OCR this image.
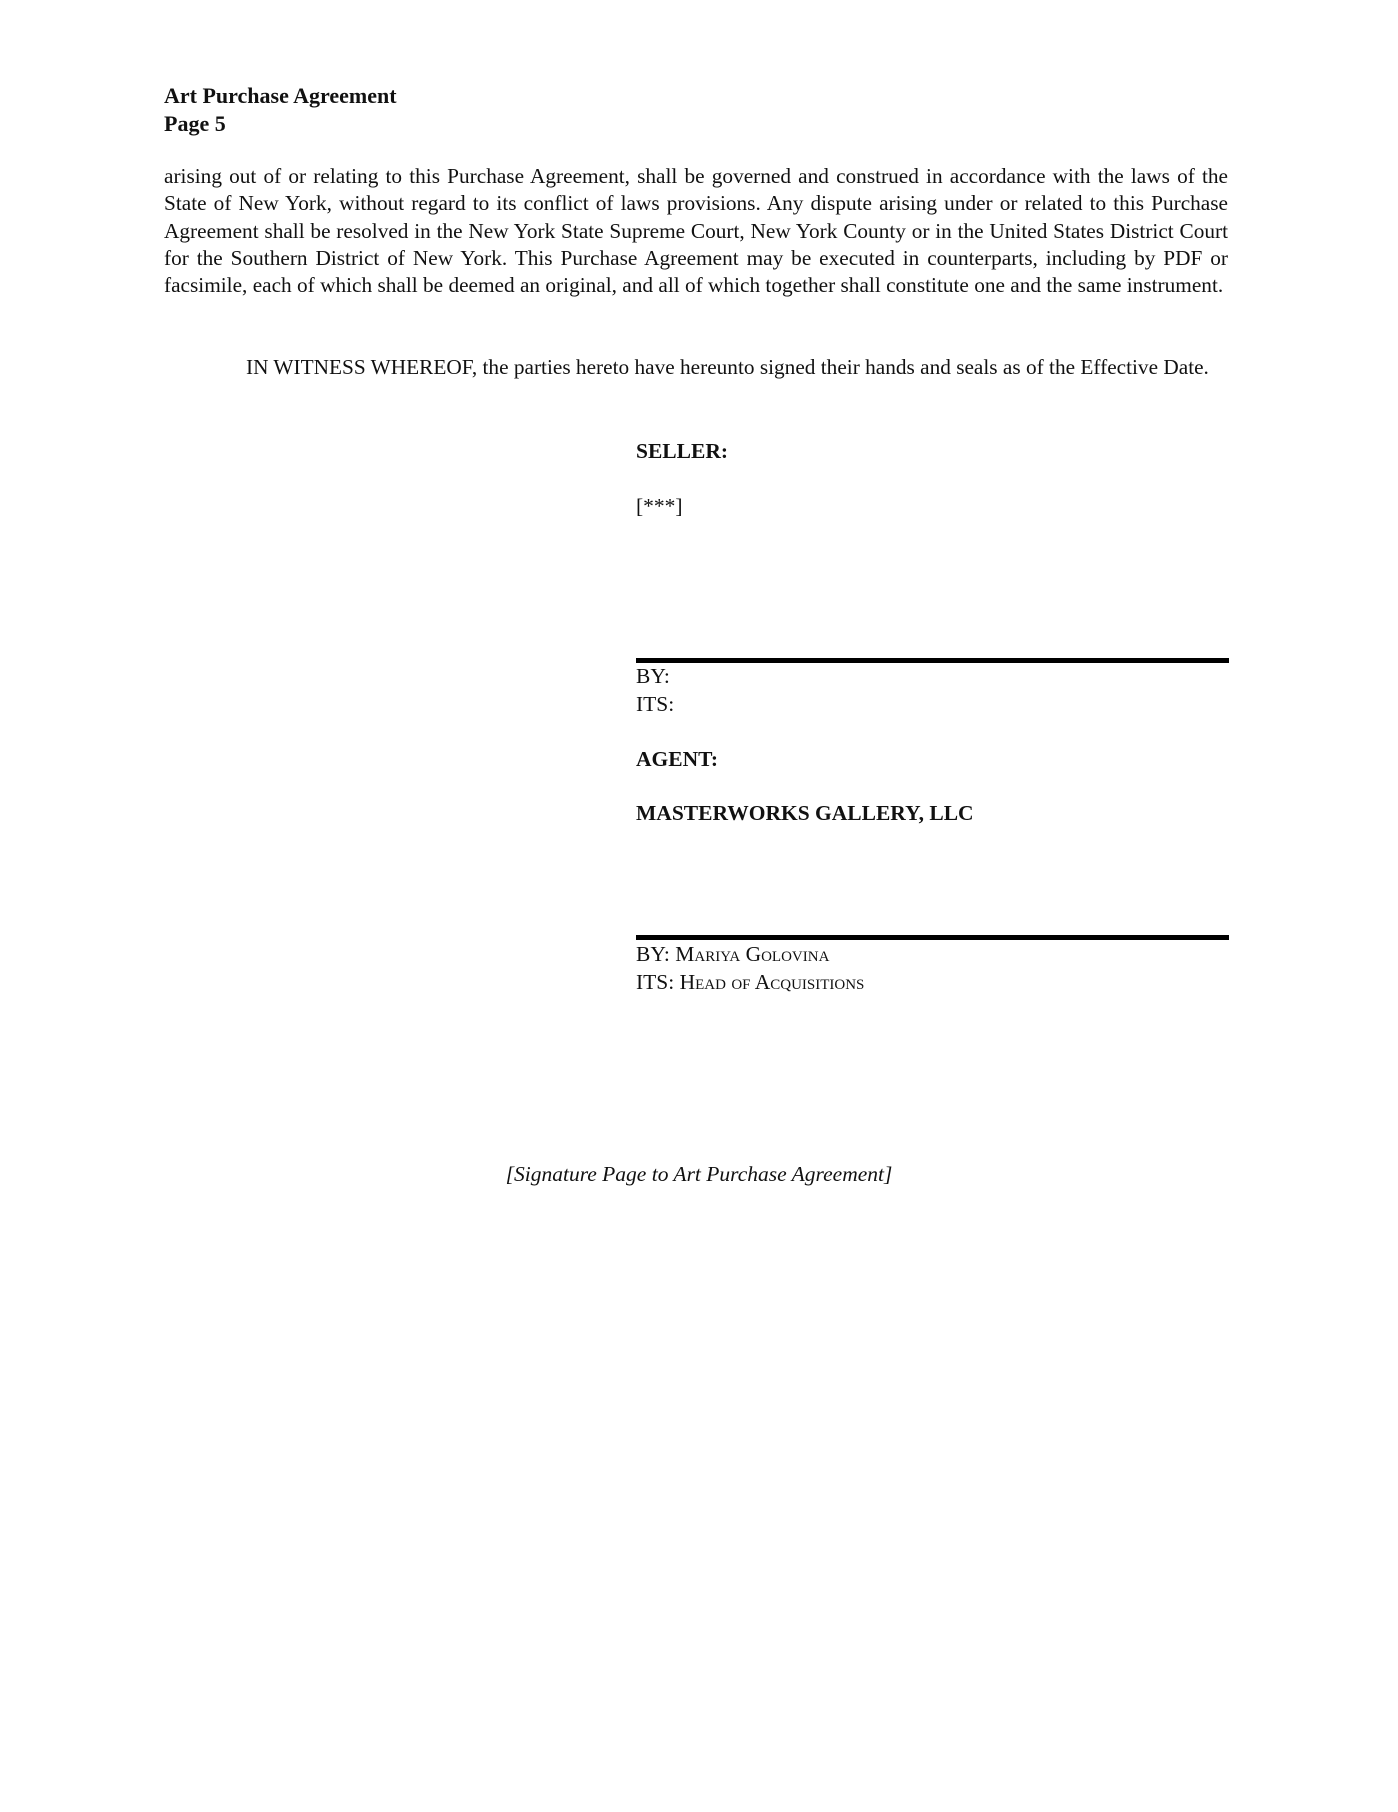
Art Purchase Agreement
Page 5
arising out of or relating to this Purchase Agreement, shall be governed and construed in accordance with the laws of the State of New York, without regard to its conflict of laws provisions. Any dispute arising under or related to this Purchase Agreement shall be resolved in the New York State Supreme Court, New York County or in the United States District Court for the Southern District of New York. This Purchase Agreement may be executed in counterparts, including by PDF or facsimile, each of which shall be deemed an original, and all of which together shall constitute one and the same instrument.
IN WITNESS WHEREOF, the parties hereto have hereunto signed their hands and seals as of the Effective Date.
SELLER:
[***]
BY:
ITS:
AGENT:
MASTERWORKS GALLERY, LLC
BY: Mariya Golovina
ITS: Head of Acquisitions
[Signature Page to Art Purchase Agreement]
